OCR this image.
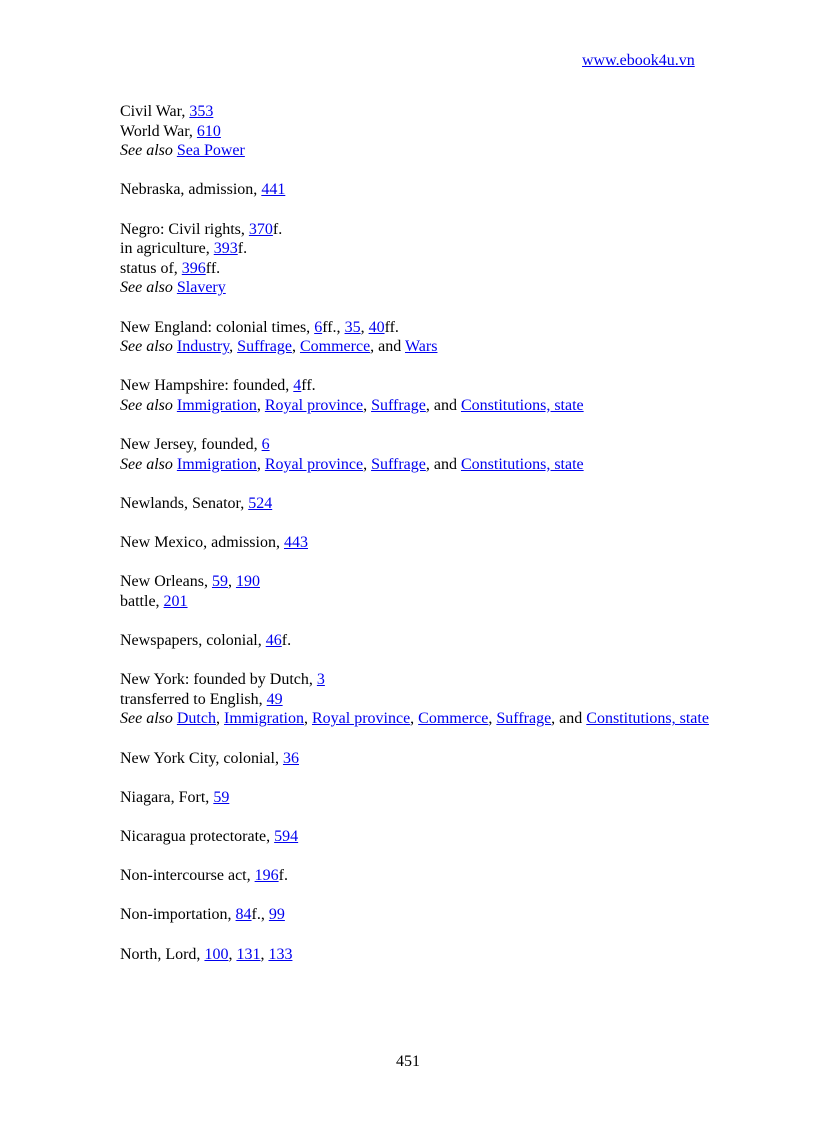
www.ebook4u.vn
Civil War, 353
World War, 610
See also Sea Power
Nebraska, admission, 441
Negro: Civil rights, 370f.
in agriculture, 393f.
status of, 396ff.
See also Slavery
New England: colonial times, 6ff., 35, 40ff.
See also Industry, Suffrage, Commerce, and Wars
New Hampshire: founded, 4ff.
See also Immigration, Royal province, Suffrage, and Constitutions, state
New Jersey, founded, 6
See also Immigration, Royal province, Suffrage, and Constitutions, state
Newlands, Senator, 524
New Mexico, admission, 443
New Orleans, 59, 190
battle, 201
Newspapers, colonial, 46f.
New York: founded by Dutch, 3
transferred to English, 49
See also Dutch, Immigration, Royal province, Commerce, Suffrage, and Constitutions, state
New York City, colonial, 36
Niagara, Fort, 59
Nicaragua protectorate, 594
Non-intercourse act, 196f.
Non-importation, 84f., 99
North, Lord, 100, 131, 133
451
